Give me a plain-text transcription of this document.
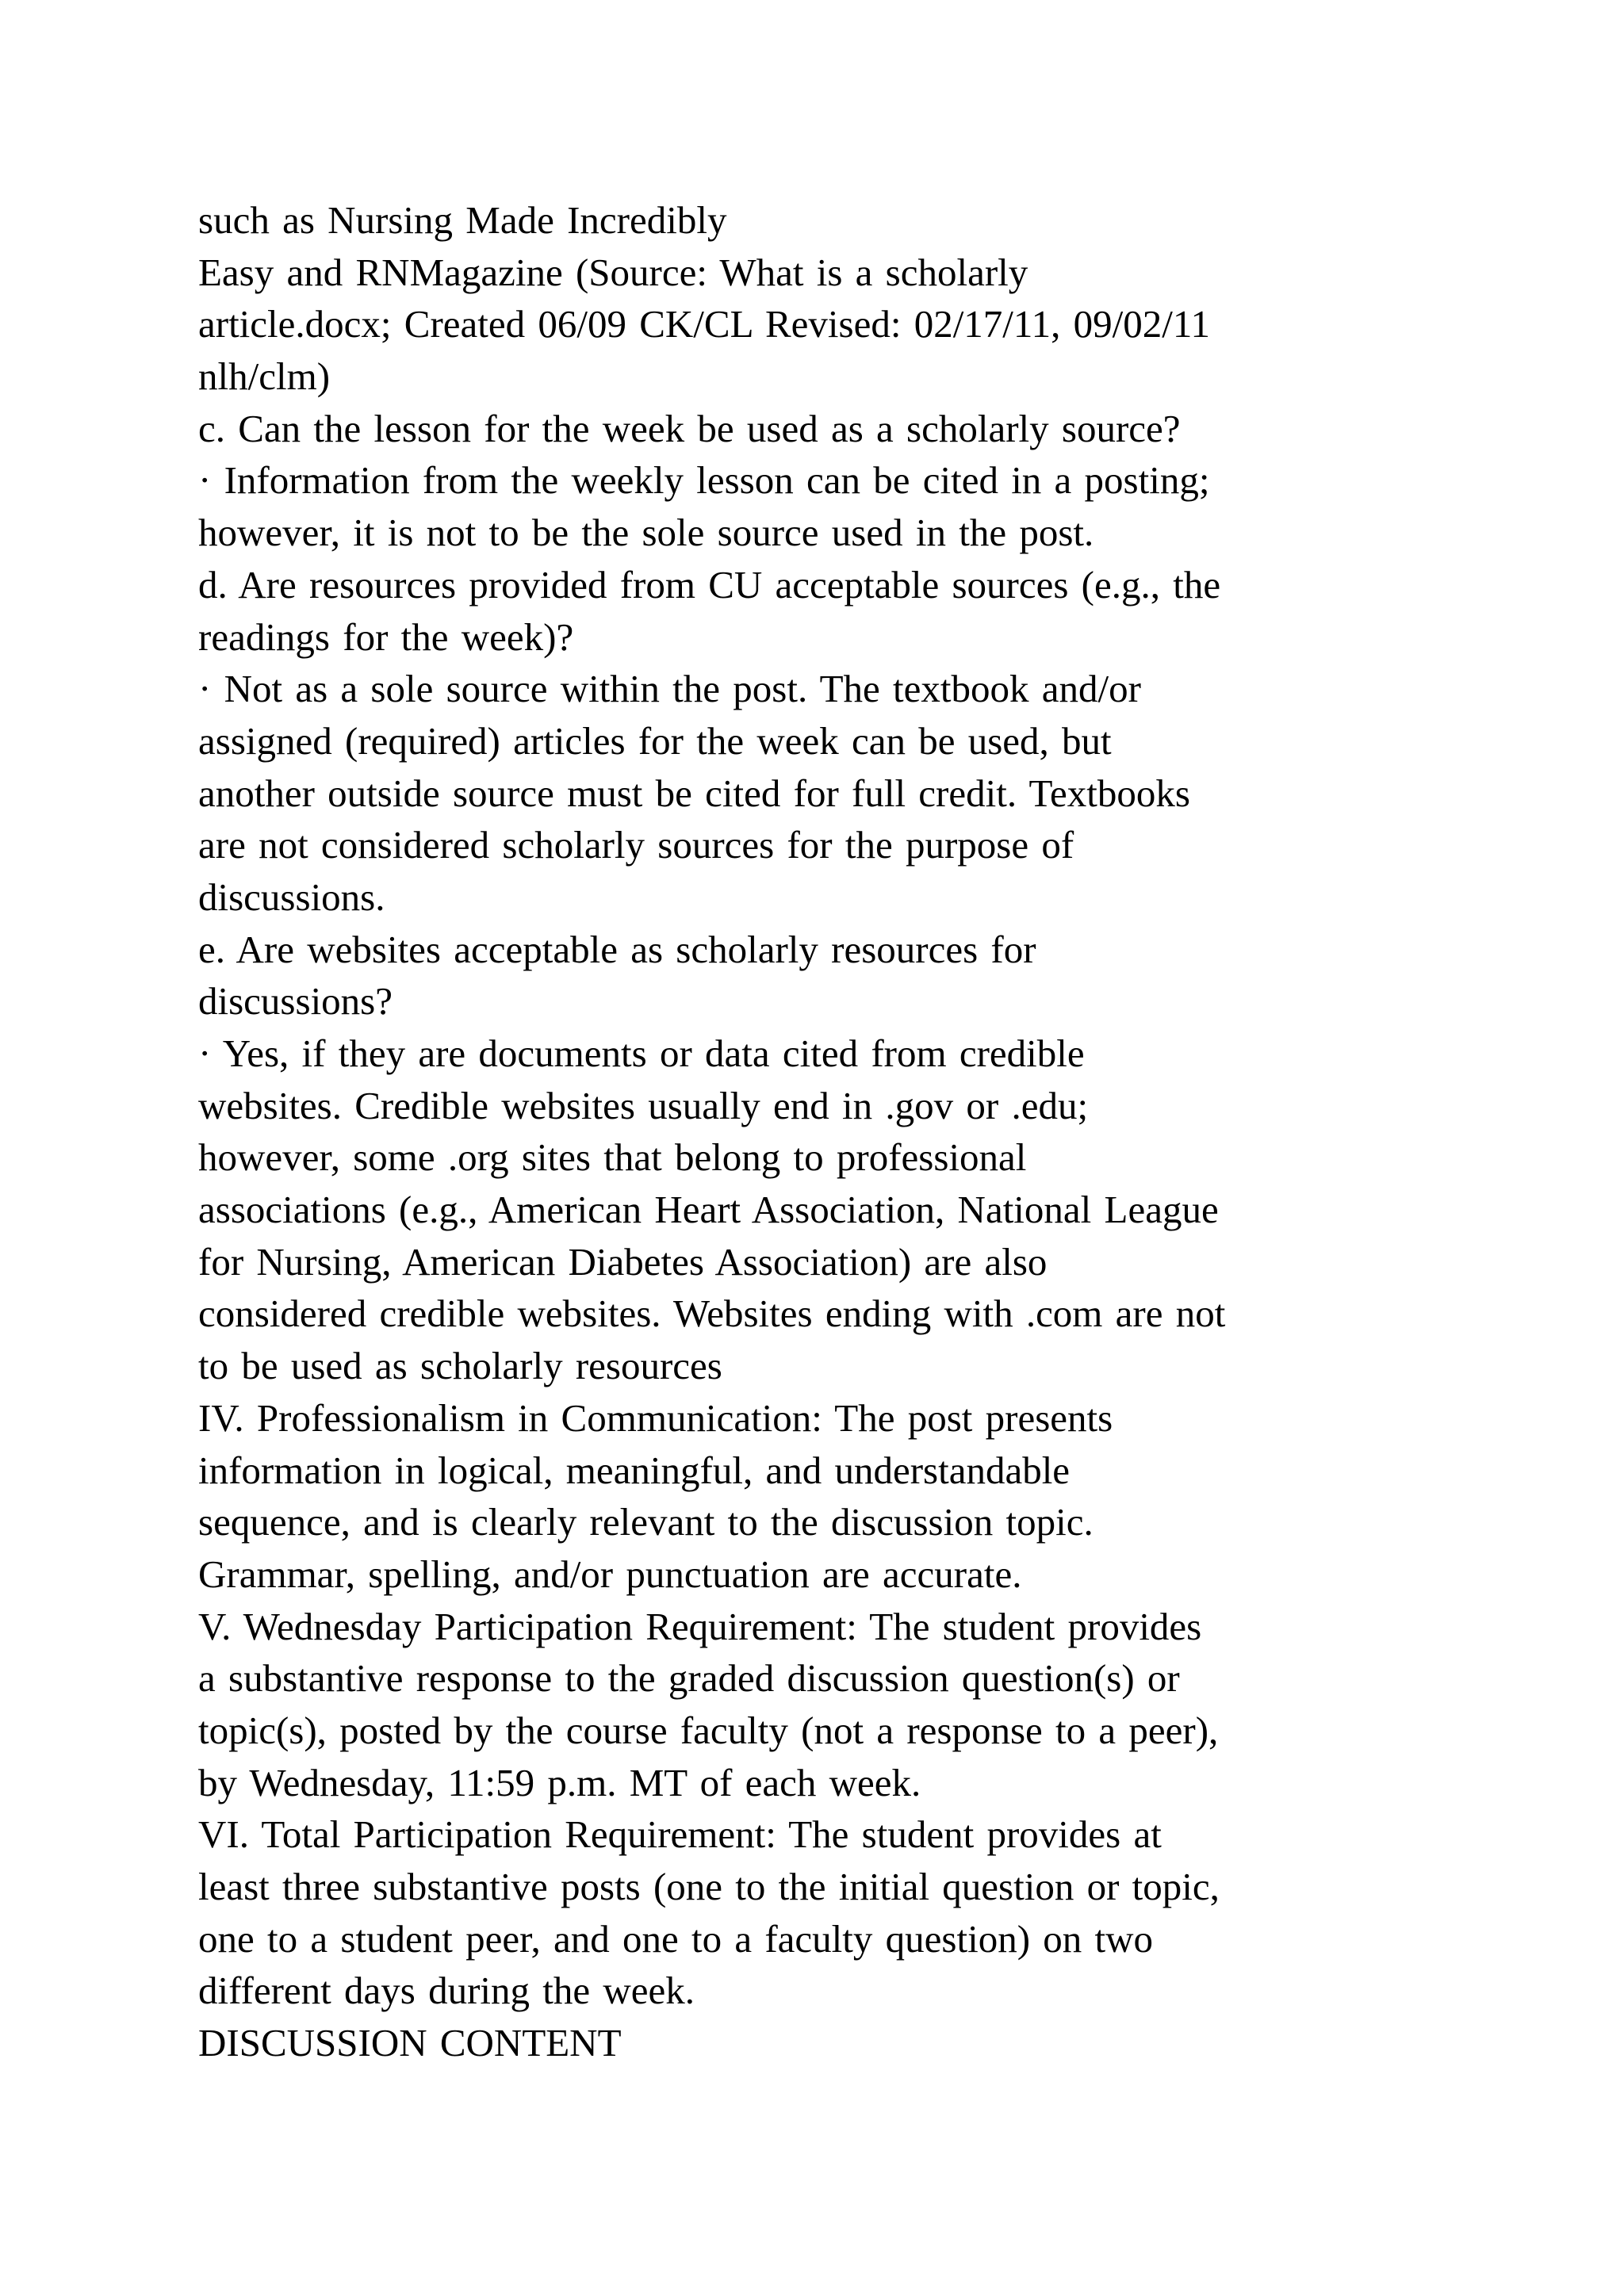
such as Nursing Made Incredibly
Easy and RNMagazine (Source: What is a scholarly
article.docx; Created 06/09 CK/CL Revised: 02/17/11, 09/02/11
nlh/clm)
c. Can the lesson for the week be used as a scholarly source?
· Information from the weekly lesson can be cited in a posting;
however, it is not to be the sole source used in the post.
d. Are resources provided from CU acceptable sources (e.g., the
readings for the week)?
· Not as a sole source within the post. The textbook and/or
assigned (required) articles for the week can be used, but
another outside source must be cited for full credit. Textbooks
are not considered scholarly sources for the purpose of
discussions.
e. Are websites acceptable as scholarly resources for
discussions?
· Yes, if they are documents or data cited from credible
websites. Credible websites usually end in .gov or .edu;
however, some .org sites that belong to professional
associations (e.g., American Heart Association, National League
for Nursing, American Diabetes Association) are also
considered credible websites. Websites ending with .com are not
to be used as scholarly resources
IV. Professionalism in Communication: The post presents
information in logical, meaningful, and understandable
sequence, and is clearly relevant to the discussion topic.
Grammar, spelling, and/or punctuation are accurate.
V. Wednesday Participation Requirement: The student provides
a substantive response to the graded discussion question(s) or
topic(s), posted by the course faculty (not a response to a peer),
by Wednesday, 11:59 p.m. MT of each week.
VI. Total Participation Requirement: The student provides at
least three substantive posts (one to the initial question or topic,
one to a student peer, and one to a faculty question) on two
different days during the week.
DISCUSSION CONTENT
